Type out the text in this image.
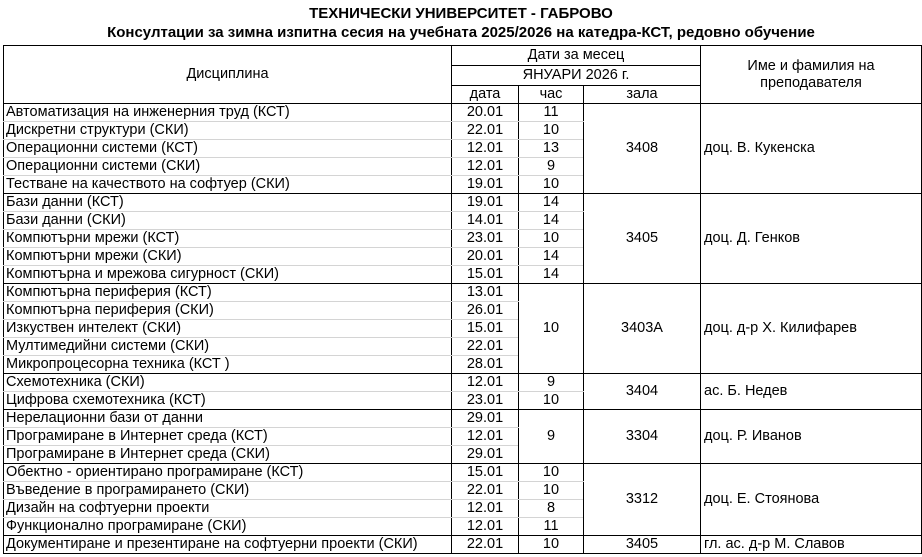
ТЕХНИЧЕСКИ УНИВЕРСИТЕТ - ГАБРОВО
Консултации за зимна изпитна сесия на учебната 2025/2026 на катедра-КСТ, редовно обучение
Дисциплина	Дати за месец			Име и фамилия на преподавателя
	ЯНУАРИ 2026 г.			
	дата	час	зала	
Автоматизация на инженерния труд (КСТ)	20.01	11	3408	доц. В. Кукенска
Дискретни структури (СКИ)	22.01	10		
Операционни системи (КСТ)	12.01	13		
Операционни системи (СКИ)	12.01	9		
Тестване на качеството на софтуер (СКИ)	19.01	10		
Бази данни (КСТ)	19.01	14	3405	доц. Д. Генков
Бази данни (СКИ)	14.01	14		
Компютърни мрежи (КСТ)	23.01	10		
Компютърни мрежи (СКИ)	20.01	14		
Компютърна и мрежова сигурност (СКИ)	15.01	14		
Компютърна периферия (КСТ)	13.01	10	3403А	доц. д-р Х. Килифарев
Компютърна периферия (СКИ)	26.01			
Изкуствен интелект (СКИ)	15.01			
Мултимедийни системи (СКИ)	22.01			
Микропроцесорна техника (КСТ )	28.01			
Схемотехника (СКИ)	12.01	9	3404	ас. Б. Недев
Цифрова схемотехника (КСТ)	23.01	10		
Нерелационни бази от данни	29.01	9	3304	доц. Р. Иванов
Програмиране в Интернет среда (КСТ)	12.01			
Програмиране в Интернет среда (СКИ)	29.01			
Обектно - ориентирано програмиране (КСТ)	15.01	10	3312	доц. Е. Стоянова
Въведение в програмирането (СКИ)	22.01	10		
Дизайн на софтуерни проекти	12.01	8		
Функционално програмиране (СКИ)	12.01	11		
Документиране и презентиране на софтуерни проекти (СКИ)	22.01	10	3405	гл. ас. д-р М. Славов
